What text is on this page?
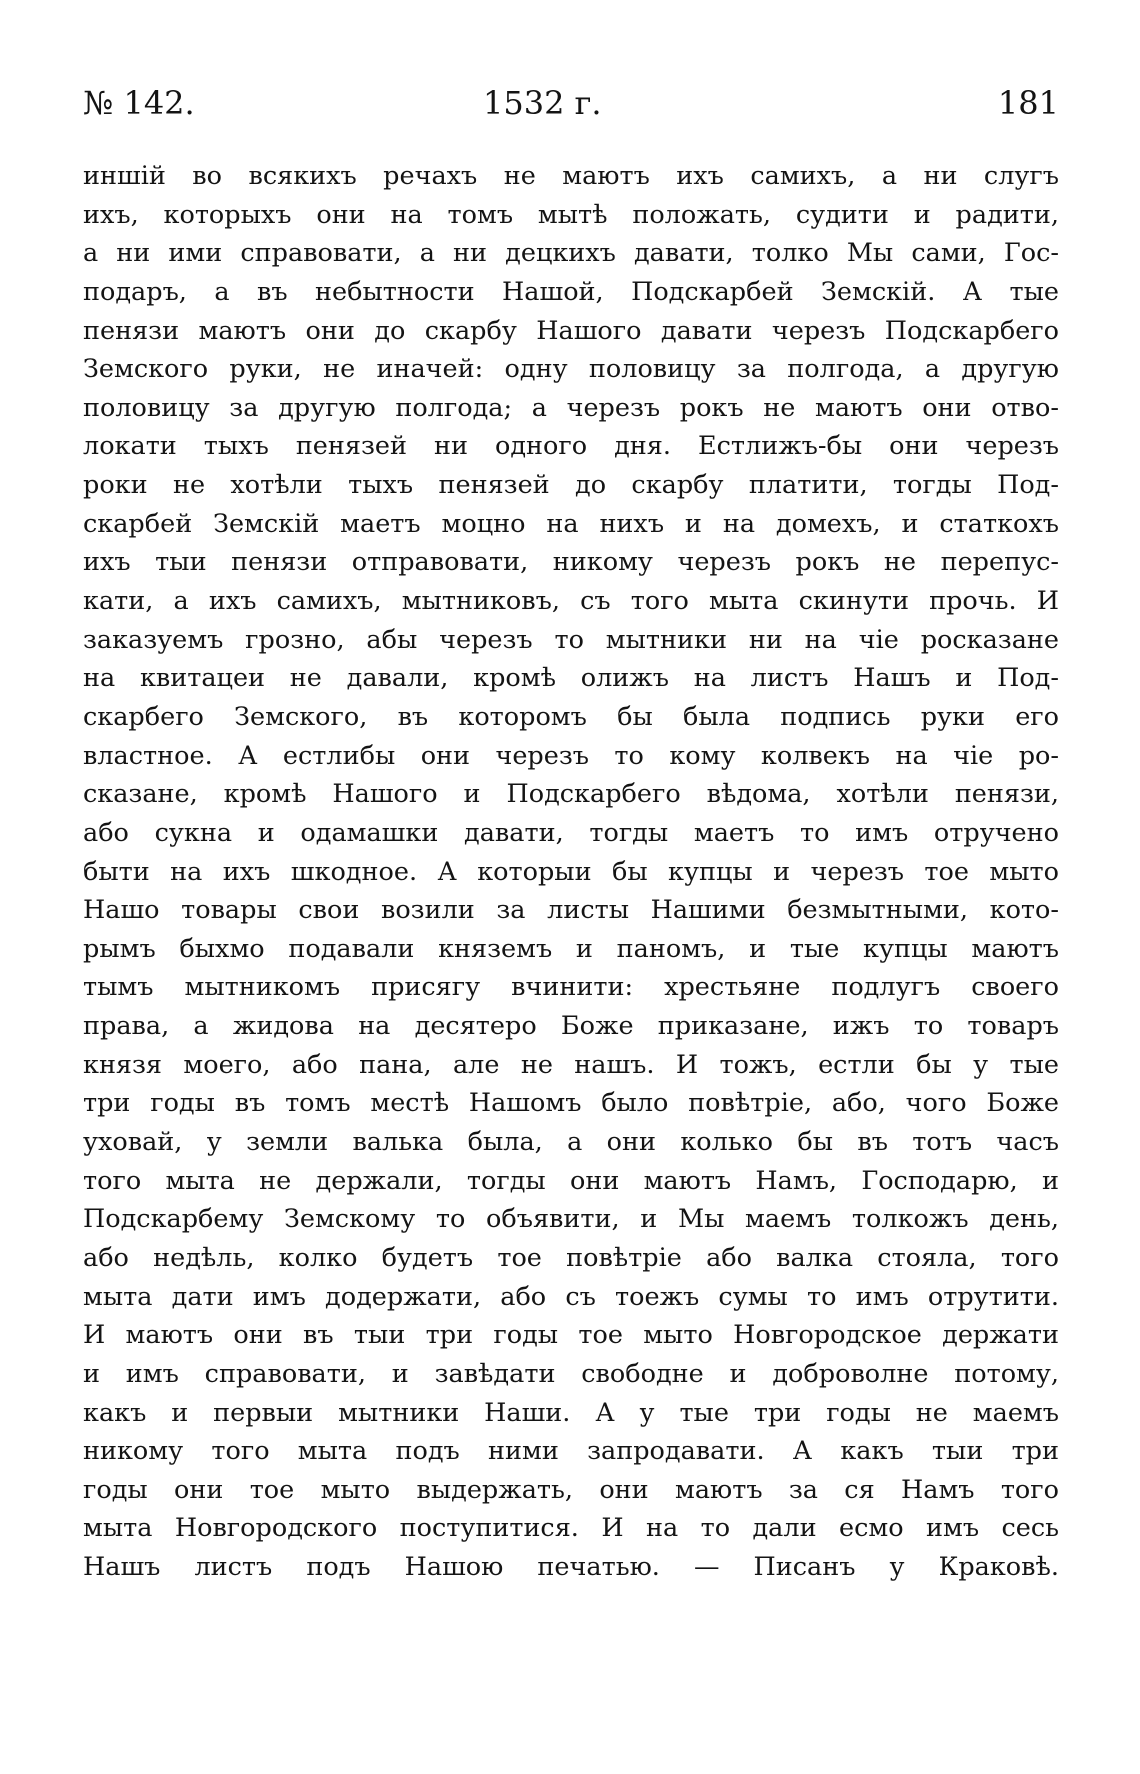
№ 142.	1532 г.	181
иншій во всякихъ речахъ не маютъ ихъ самихъ, а ни слугъ
ихъ, которыхъ они на томъ мытѣ положать, судити и радити,
а ни ими справовати, а ни децкихъ давати, толко Мы сами, Гос-
подаръ, а въ небытности Нашой, Подскарбей Земскій. А тые
пенязи маютъ они до скарбу Нашого давати черезъ Подскарбего
Земского руки, не иначей: одну половицу за полгода, а другую
половицу за другую полгода; а черезъ рокъ не маютъ они отво-
локати тыхъ пенязей ни одного дня. Естлижъ-бы они черезъ
роки не хотѣли тыхъ пенязей до скарбу платити, тогды Под-
скарбей Земскій маетъ моцно на нихъ и на домехъ, и статкохъ
ихъ тыи пенязи отправовати, никому черезъ рокъ не перепус-
кати, а ихъ самихъ, мытниковъ, съ того мыта скинути прочь. И
заказуемъ грозно, абы черезъ то мытники ни на чіе росказане
на квитацеи не давали, кромѣ олижъ на листъ Нашъ и Под-
скарбего Земского, въ которомъ бы была подпись руки его
властное. А естлибы они черезъ то кому колвекъ на чіе ро-
сказане, кромѣ Нашого и Подскарбего вѣдома, хотѣли пенязи,
або сукна и одамашки давати, тогды маетъ то имъ отручено
быти на ихъ шкодное. А которыи бы купцы и черезъ тое мыто
Нашо товары свои возили за листы Нашими безмытными, кото-
рымъ быхмо подавали княземъ и паномъ, и тые купцы маютъ
тымъ мытникомъ присягу вчинити: хрестьяне подлугъ своего
права, а жидова на десятеро Боже приказане, ижъ то товаръ
князя моего, або пана, але не нашъ. И тожъ, естли бы у тые
три годы въ томъ местѣ Нашомъ было повѣтріе, або, чого Боже
уховай, у земли валька была, а они колько бы въ тотъ часъ
того мыта не держали, тогды они маютъ Намъ, Господарю, и
Подскарбему Земскому то объявити, и Мы маемъ толкожъ день,
або недѣль, колко будетъ тое повѣтріе або валка стояла, того
мыта дати имъ додержати, або съ тоежъ сумы то имъ отрутити.
И маютъ они въ тыи три годы тое мыто Новгородское держати
и имъ справовати, и завѣдати свободне и доброволне потому,
какъ и первыи мытники Наши. А у тые три годы не маемъ
никому того мыта подъ ними запродавати. А какъ тыи три
годы они тое мыто выдержать, они маютъ за ся Намъ того
мыта Новгородского поступитися. И на то дали есмо имъ сесь
Нашъ листъ подъ Нашою печатью. — Писанъ у Краковѣ.
